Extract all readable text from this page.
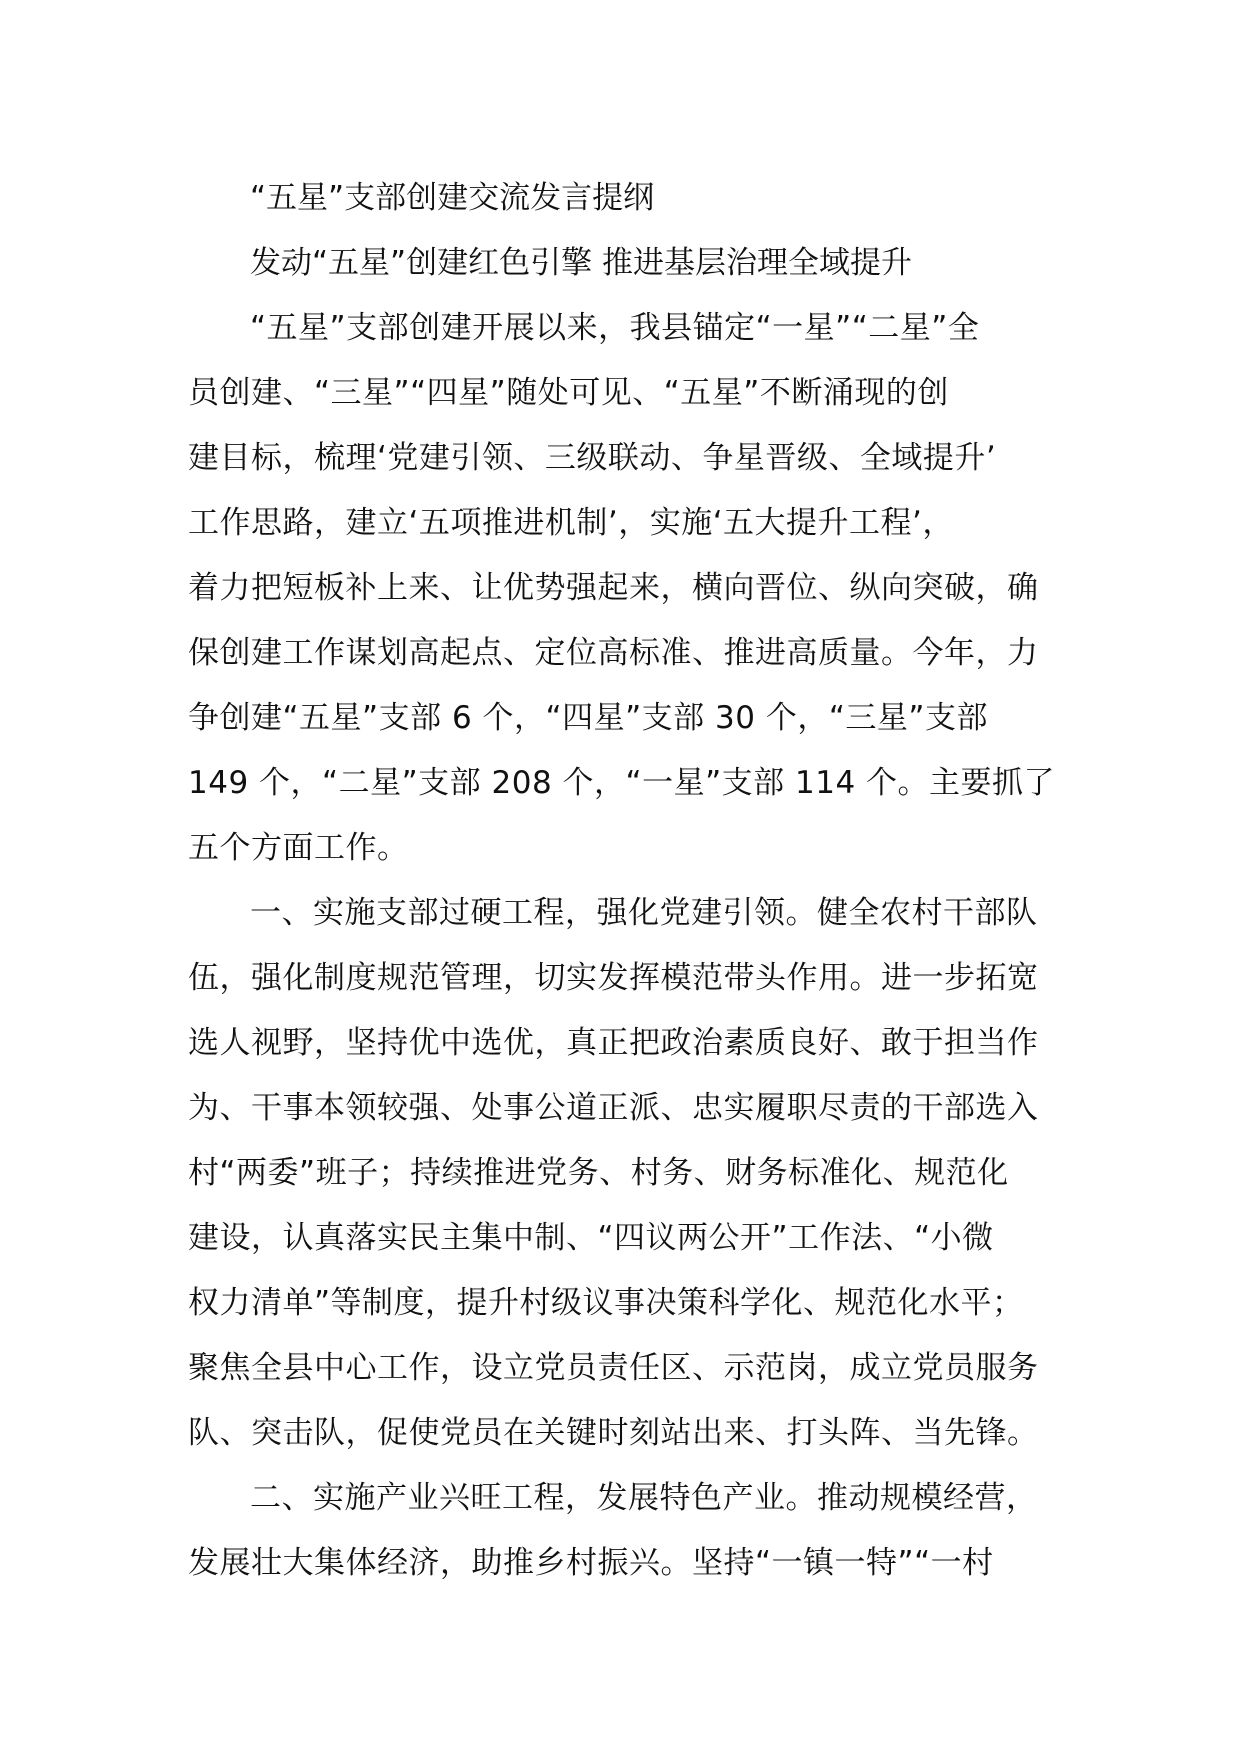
“五星”支部创建交流发言提纲
发动“五星”创建红色引擎 推进基层治理全域提升
“五星”支部创建开展以来，我县锚定“一星”“二星”全
员创建、“三星”“四星”随处可见、“五星”不断涌现的创
建目标，梳理‘党建引领、三级联动、争星晋级、全域提升’
工作思路，建立‘五项推进机制’，实施‘五大提升工程’，
着力把短板补上来、让优势强起来，横向晋位、纵向突破，确
保创建工作谋划高起点、定位高标准、推进高质量。今年，力
争创建“五星”支部 6 个，“四星”支部 30 个，“三星”支部
149 个，“二星”支部 208 个，“一星”支部 114 个。主要抓了
五个方面工作。
一、实施支部过硬工程，强化党建引领。健全农村干部队
伍，强化制度规范管理，切实发挥模范带头作用。进一步拓宽
选人视野，坚持优中选优，真正把政治素质良好、敢于担当作
为、干事本领较强、处事公道正派、忠实履职尽责的干部选入
村“两委”班子；持续推进党务、村务、财务标准化、规范化
建设，认真落实民主集中制、“四议两公开”工作法、“小微
权力清单”等制度，提升村级议事决策科学化、规范化水平；
聚焦全县中心工作，设立党员责任区、示范岗，成立党员服务
队、突击队，促使党员在关键时刻站出来、打头阵、当先锋。
二、实施产业兴旺工程，发展特色产业。推动规模经营，
发展壮大集体经济，助推乡村振兴。坚持“一镇一特”“一村
